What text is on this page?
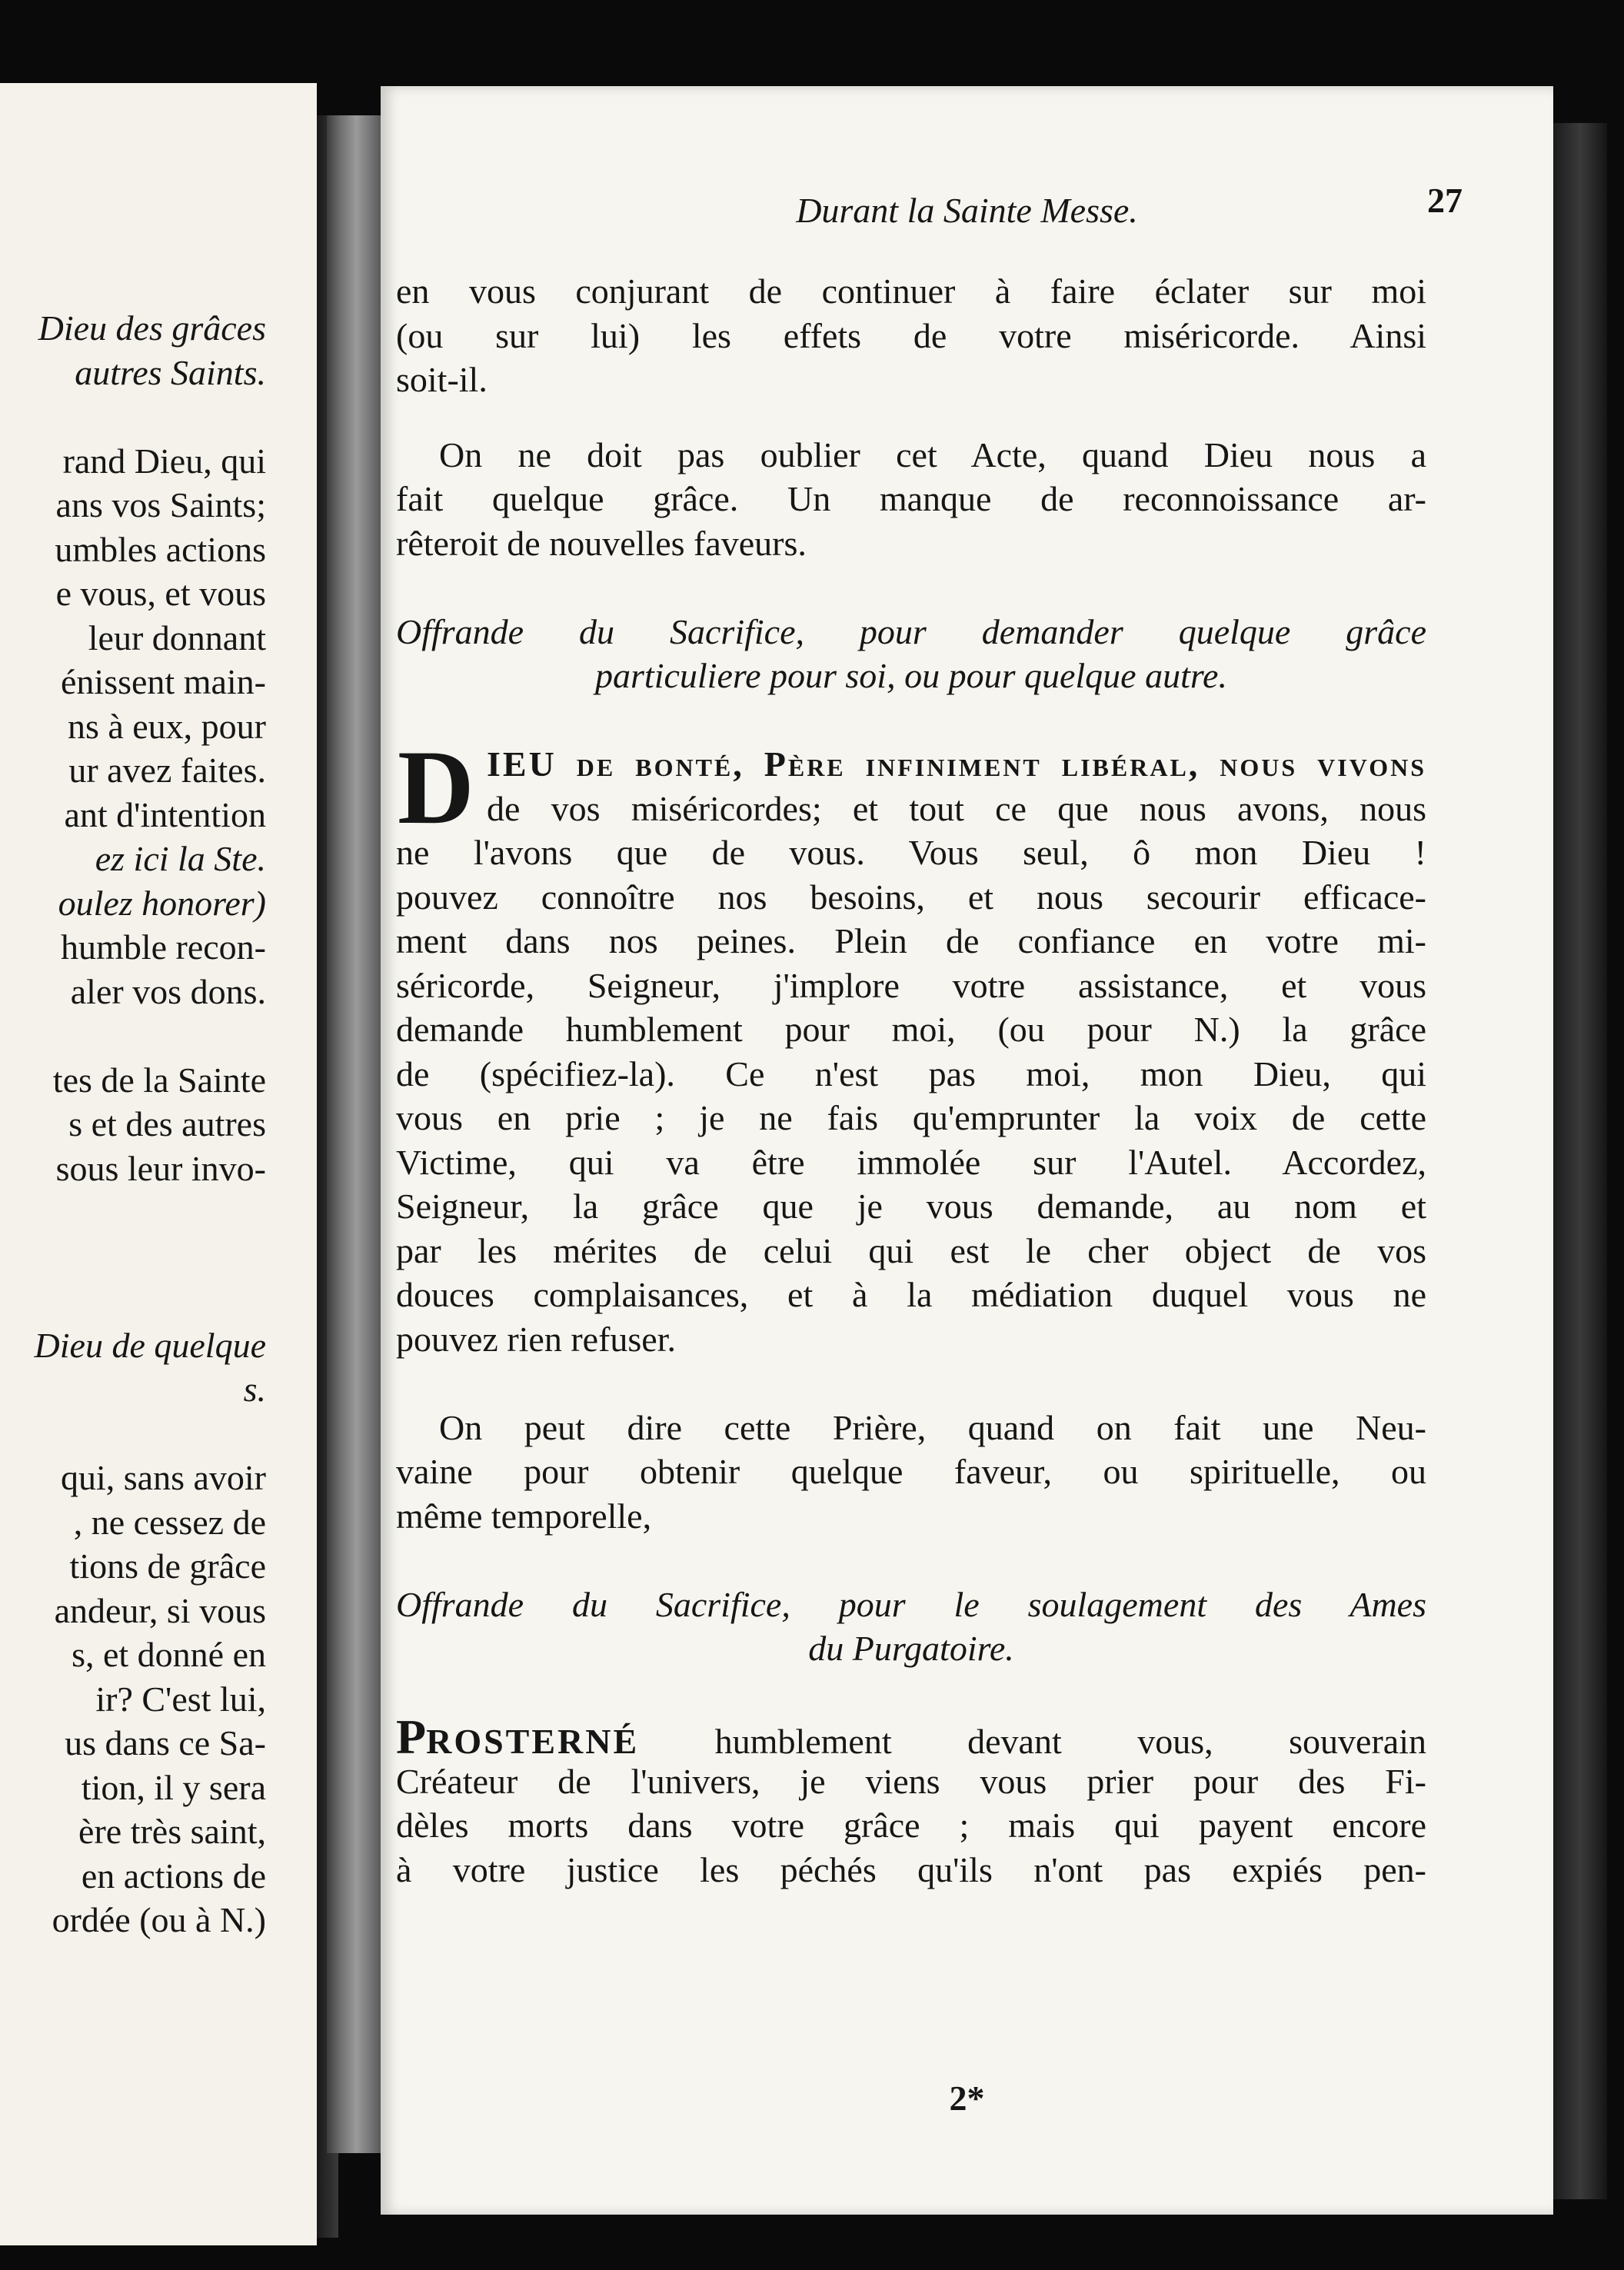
Dieu des grâces
autres Saints.
rand Dieu, qui
ans vos Saints;
umbles actions
e vous, et vous
leur donnant
énissent main-
ns à eux, pour
ur avez faites.
ant d'intention
ez ici la Ste.
oulez honorer)
humble recon-
aler vos dons.
tes de la Sainte
s et des autres
sous leur invo-
Dieu de quelque
s.
qui, sans avoir
, ne cessez de
tions de grâce
andeur, si vous
s, et donné en
ir? C'est lui,
us dans ce Sa-
tion, il y sera
ère très saint,
en actions de
ordée (ou à N.)
Durant la Sainte Messe.	27
en vous conjurant de continuer à faire éclater sur moi
(ou sur lui) les effets de votre miséricorde. Ainsi
soit-il.
On ne doit pas oublier cet Acte, quand Dieu nous a
fait quelque grâce. Un manque de reconnoissance ar-
rêteroit de nouvelles faveurs.
Offrande du Sacrifice, pour demander quelque grâce
particuliere pour soi, ou pour quelque autre.
D IEU de bonté, Père infiniment libéral, nous vivons
de vos miséricordes; et tout ce que nous avons, nous
ne l'avons que de vous. Vous seul, ô mon Dieu !
pouvez connoître nos besoins, et nous secourir efficace-
ment dans nos peines. Plein de confiance en votre mi-
séricorde, Seigneur, j'implore votre assistance, et vous
demande humblement pour moi, (ou pour N.) la grâce
de (spécifiez-la). Ce n'est pas moi, mon Dieu, qui
vous en prie ; je ne fais qu'emprunter la voix de cette
Victime, qui va être immolée sur l'Autel. Accordez,
Seigneur, la grâce que je vous demande, au nom et
par les mérites de celui qui est le cher object de vos
douces complaisances, et à la médiation duquel vous ne
pouvez rien refuser.
On peut dire cette Prière, quand on fait une Neu-
vaine pour obtenir quelque faveur, ou spirituelle, ou
même temporelle,
Offrande du Sacrifice, pour le soulagement des Ames
du Purgatoire.
PROSTERNÉ humblement devant vous, souverain
Créateur de l'univers, je viens vous prier pour des Fi-
dèles morts dans votre grâce ; mais qui payent encore
à votre justice les péchés qu'ils n'ont pas expiés pen-
2*
